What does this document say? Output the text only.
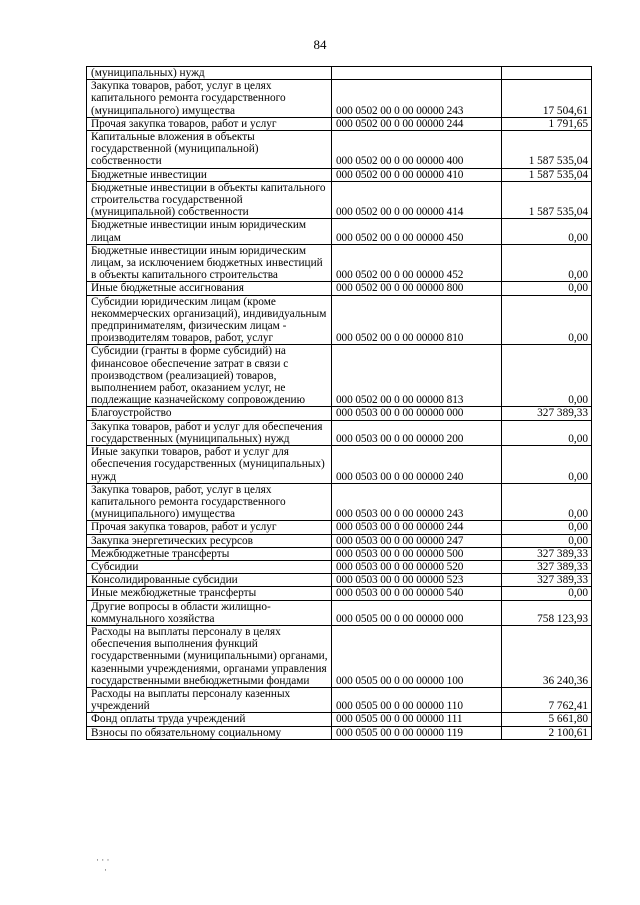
84
(муниципальных) нужд		
Закупка товаров, работ, услуг в целях капитального ремонта государственного (муниципального) имущества	000 0502 00 0 00 00000 243	17 504,61
Прочая закупка товаров, работ и услуг	000 0502 00 0 00 00000 244	1 791,65
Капитальные вложения в объекты государственной (муниципальной) собственности	000 0502 00 0 00 00000 400	1 587 535,04
Бюджетные инвестиции	000 0502 00 0 00 00000 410	1 587 535,04
Бюджетные инвестиции в объекты капитального строительства государственной (муниципальной) собственности	000 0502 00 0 00 00000 414	1 587 535,04
Бюджетные инвестиции иным юридическим лицам	000 0502 00 0 00 00000 450	0,00
Бюджетные инвестиции иным юридическим лицам, за исключением бюджетных инвестиций в объекты капитального строительства	000 0502 00 0 00 00000 452	0,00
Иные бюджетные ассигнования	000 0502 00 0 00 00000 800	0,00
Субсидии юридическим лицам (кроме некоммерческих организаций), индивидуальным предпринимателям, физическим лицам - производителям товаров, работ, услуг	000 0502 00 0 00 00000 810	0,00
Субсидии (гранты в форме субсидий) на финансовое обеспечение затрат в связи с производством (реализацией) товаров, выполнением работ, оказанием услуг, не подлежащие казначейскому сопровождению	000 0502 00 0 00 00000 813	0,00
Благоустройство	000 0503 00 0 00 00000 000	327 389,33
Закупка товаров, работ и услуг для обеспечения государственных (муниципальных) нужд	000 0503 00 0 00 00000 200	0,00
Иные закупки товаров, работ и услуг для обеспечения государственных (муниципальных) нужд	000 0503 00 0 00 00000 240	0,00
Закупка товаров, работ, услуг в целях капитального ремонта государственного (муниципального) имущества	000 0503 00 0 00 00000 243	0,00
Прочая закупка товаров, работ и услуг	000 0503 00 0 00 00000 244	0,00
Закупка энергетических ресурсов	000 0503 00 0 00 00000 247	0,00
Межбюджетные трансферты	000 0503 00 0 00 00000 500	327 389,33
Субсидии	000 0503 00 0 00 00000 520	327 389,33
Консолидированные субсидии	000 0503 00 0 00 00000 523	327 389,33
Иные межбюджетные трансферты	000 0503 00 0 00 00000 540	0,00
Другие вопросы в области жилищно-коммунального хозяйства	000 0505 00 0 00 00000 000	758 123,93
Расходы на выплаты персоналу в целях обеспечения выполнения функций государственными (муниципальными) органами, казенными учреждениями, органами управления государственными внебюджетными фондами	000 0505 00 0 00 00000 100	36 240,36
Расходы на выплаты персоналу казенных учреждений	000 0505 00 0 00 00000 110	7 762,41
Фонд оплаты труда учреждений	000 0505 00 0 00 00000 111	5 661,80
Взносы по обязательному социальному	000 0505 00 0 00 00000 119	2 100,61
· · ·
·
